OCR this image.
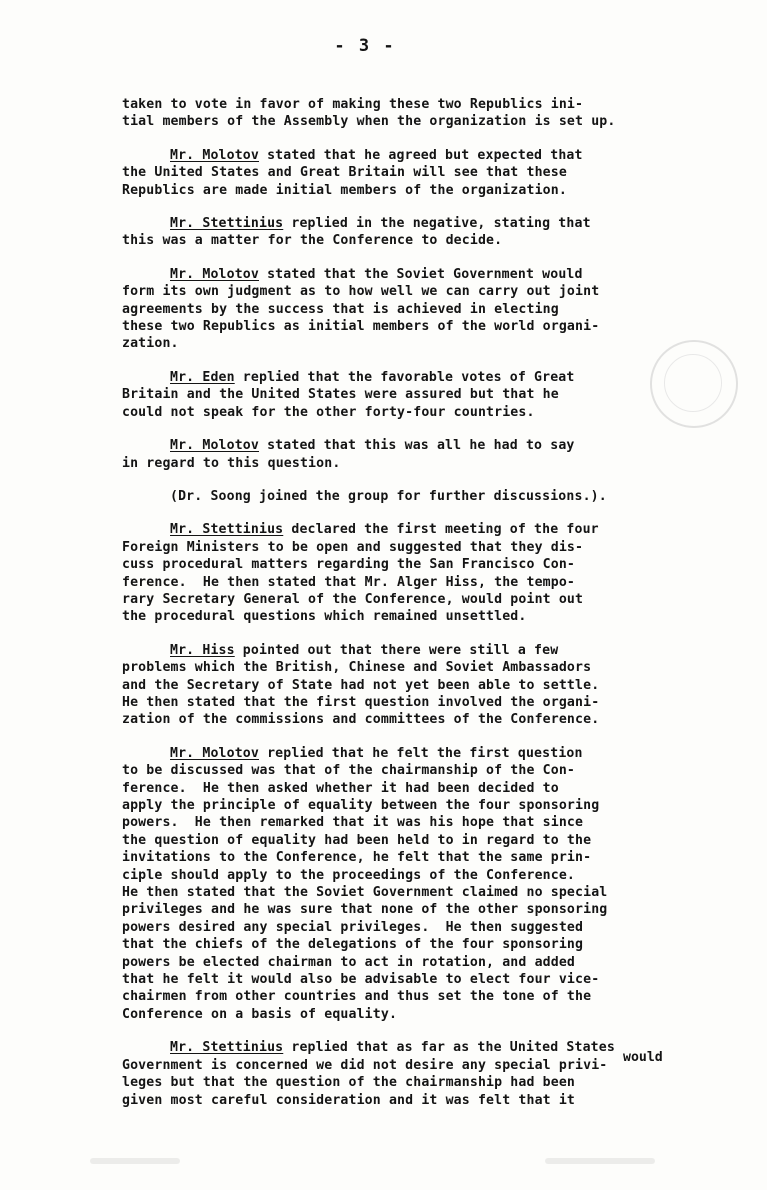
- 3 -
taken to vote in favor of making these two Republics ini-
tial members of the Assembly when the organization is set up.
Mr. Molotov stated that he agreed but expected that
the United States and Great Britain will see that these
Republics are made initial members of the organization.
Mr. Stettinius replied in the negative, stating that
this was a matter for the Conference to decide.
Mr. Molotov stated that the Soviet Government would
form its own judgment as to how well we can carry out joint
agreements by the success that is achieved in electing
these two Republics as initial members of the world organi-
zation.
Mr. Eden replied that the favorable votes of Great
Britain and the United States were assured but that he
could not speak for the other forty-four countries.
Mr. Molotov stated that this was all he had to say
in regard to this question.
(Dr. Soong joined the group for further discussions.).
Mr. Stettinius declared the first meeting of the four
Foreign Ministers to be open and suggested that they dis-
cuss procedural matters regarding the San Francisco Con-
ference.  He then stated that Mr. Alger Hiss, the tempo-
rary Secretary General of the Conference, would point out
the procedural questions which remained unsettled.
Mr. Hiss pointed out that there were still a few
problems which the British, Chinese and Soviet Ambassadors
and the Secretary of State had not yet been able to settle.
He then stated that the first question involved the organi-
zation of the commissions and committees of the Conference.
Mr. Molotov replied that he felt the first question
to be discussed was that of the chairmanship of the Con-
ference.  He then asked whether it had been decided to
apply the principle of equality between the four sponsoring
powers.  He then remarked that it was his hope that since
the question of equality had been held to in regard to the
invitations to the Conference, he felt that the same prin-
ciple should apply to the proceedings of the Conference.
He then stated that the Soviet Government claimed no special
privileges and he was sure that none of the other sponsoring
powers desired any special privileges.  He then suggested
that the chiefs of the delegations of the four sponsoring
powers be elected chairman to act in rotation, and added
that he felt it would also be advisable to elect four vice-
chairmen from other countries and thus set the tone of the
Conference on a basis of equality.
Mr. Stettinius replied that as far as the United States
Government is concerned we did not desire any special privi-
leges but that the question of the chairmanship had been
given most careful consideration and it was felt that it
would
